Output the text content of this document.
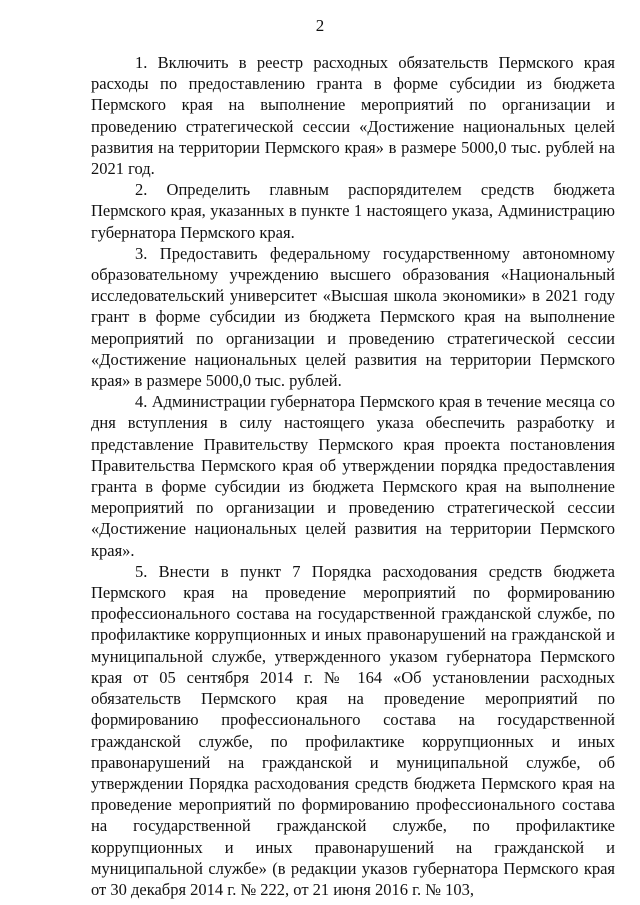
2

1. Включить в реестр расходных обязательств Пермского края расходы по предоставлению гранта в форме субсидии из бюджета Пермского края на выполнение мероприятий по организации и проведению стратегической сессии «Достижение национальных целей развития на территории Пермского края» в размере 5000,0 тыс. рублей на 2021 год.

2. Определить главным распорядителем средств бюджета Пермского края, указанных в пункте 1 настоящего указа, Администрацию губернатора Пермского края.

3. Предоставить федеральному государственному автономному образовательному учреждению высшего образования «Национальный исследовательский университет «Высшая школа экономики» в 2021 году грант в форме субсидии из бюджета Пермского края на выполнение мероприятий по организации и проведению стратегической сессии «Достижение национальных целей развития на территории Пермского края» в размере 5000,0 тыс. рублей.

4. Администрации губернатора Пермского края в течение месяца со дня вступления в силу настоящего указа обеспечить разработку и представление Правительству Пермского края проекта постановления Правительства Пермского края об утверждении порядка предоставления гранта в форме субсидии из бюджета Пермского края на выполнение мероприятий по организации и проведению стратегической сессии «Достижение национальных целей развития на территории Пермского края».

5. Внести в пункт 7 Порядка расходования средств бюджета Пермского края на проведение мероприятий по формированию профессионального состава на государственной гражданской службе, по профилактике коррупционных и иных правонарушений на гражданской и муниципальной службе, утвержденного указом губернатора Пермского края от 05 сентября 2014 г. № 164 «Об установлении расходных обязательств Пермского края на проведение мероприятий по формированию профессионального состава на государственной гражданской службе, по профилактике коррупционных и иных правонарушений на гражданской и муниципальной службе, об утверждении Порядка расходования средств бюджета Пермского края на проведение мероприятий по формированию профессионального состава на государственной гражданской службе, по профилактике коррупционных и иных правонарушений на гражданской и муниципальной службе» (в редакции указов губернатора Пермского края от 30 декабря 2014 г. № 222, от 21 июня 2016 г. № 103,
